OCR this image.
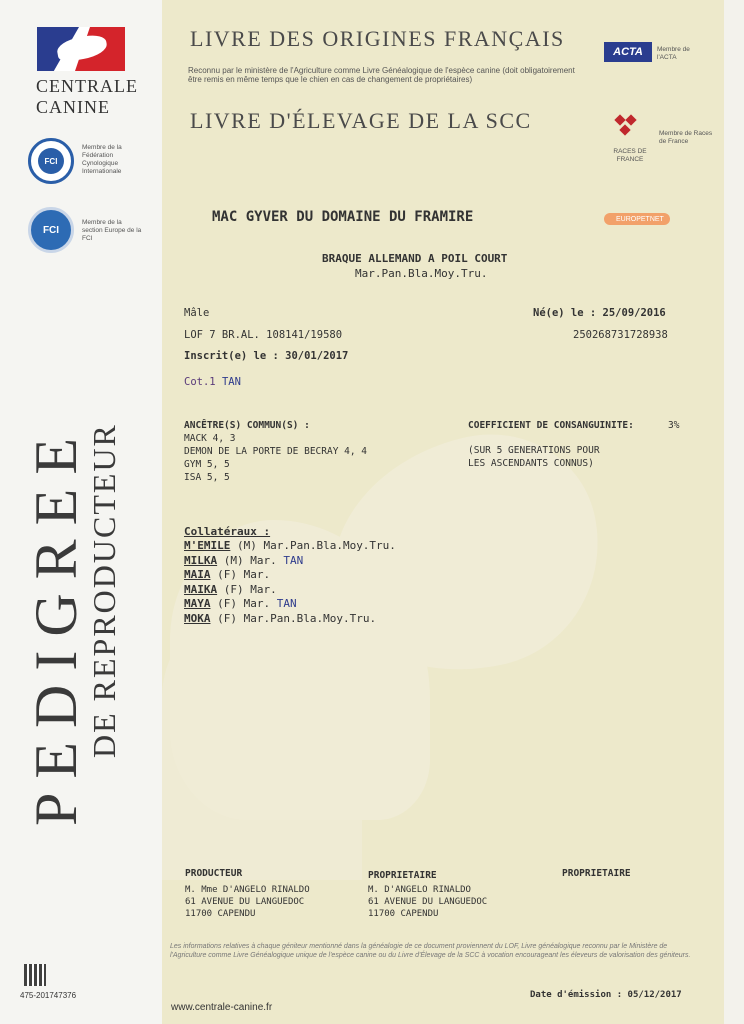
CENTRALE
CANINE
FCI
Membre de la Fédération Cynologique Internationale
FCI
Membre de la section Europe de la FCI
PEDIGREE
DE REPRODUCTEUR
LIVRE DES ORIGINES FRANÇAIS
Reconnu par le ministère de l'Agriculture comme Livre Généalogique de l'espèce canine (doit obligatoirement être remis en même temps que le chien en cas de changement de propriétaires)
LIVRE D'ÉLEVAGE DE LA SCC
ACTA Membre de l'ACTA
RACES DE FRANCE
Membre de Races de France
EUROPETNET
MAC GYVER DU DOMAINE DU FRAMIRE
BRAQUE ALLEMAND A POIL COURT
Mar.Pan.Bla.Moy.Tru.
Mâle	Né(e) le : 25/09/2016
LOF 7 BR.AL. 108141/19580	250268731728938
Inscrit(e) le : 30/01/2017
Cot.1 TAN
ANCÊTRE(S) COMMUN(S) :
MACK 4, 3
DEMON DE LA PORTE DE BECRAY 4, 4
GYM 5, 5
ISA 5, 5
COEFFICIENT DE CONSANGUINITE:	3%
(SUR 5 GENERATIONS POUR
LES ASCENDANTS CONNUS)
Collatéraux :
M'EMILE (M) Mar.Pan.Bla.Moy.Tru.
MILKA (M) Mar. TAN
MAIA (F) Mar.
MAIKA (F) Mar.
MAYA (F) Mar. TAN
MOKA (F) Mar.Pan.Bla.Moy.Tru.
PRODUCTEUR
M. Mme D'ANGELO RINALDO
61 AVENUE DU LANGUEDOC
11700 CAPENDU
PROPRIETAIRE
M. D'ANGELO RINALDO
61 AVENUE DU LANGUEDOC
11700 CAPENDU
PROPRIETAIRE
Les informations relatives à chaque géniteur mentionné dans la généalogie de ce document proviennent du LOF, Livre généalogique reconnu par le Ministère de l'Agriculture comme Livre Généalogique unique de l'espèce canine ou du Livre d'Élevage de la SCC à vocation encourageant les éleveurs de valorisation des géniteurs.
475-201747376
www.centrale-canine.fr
Date d'émission : 05/12/2017
